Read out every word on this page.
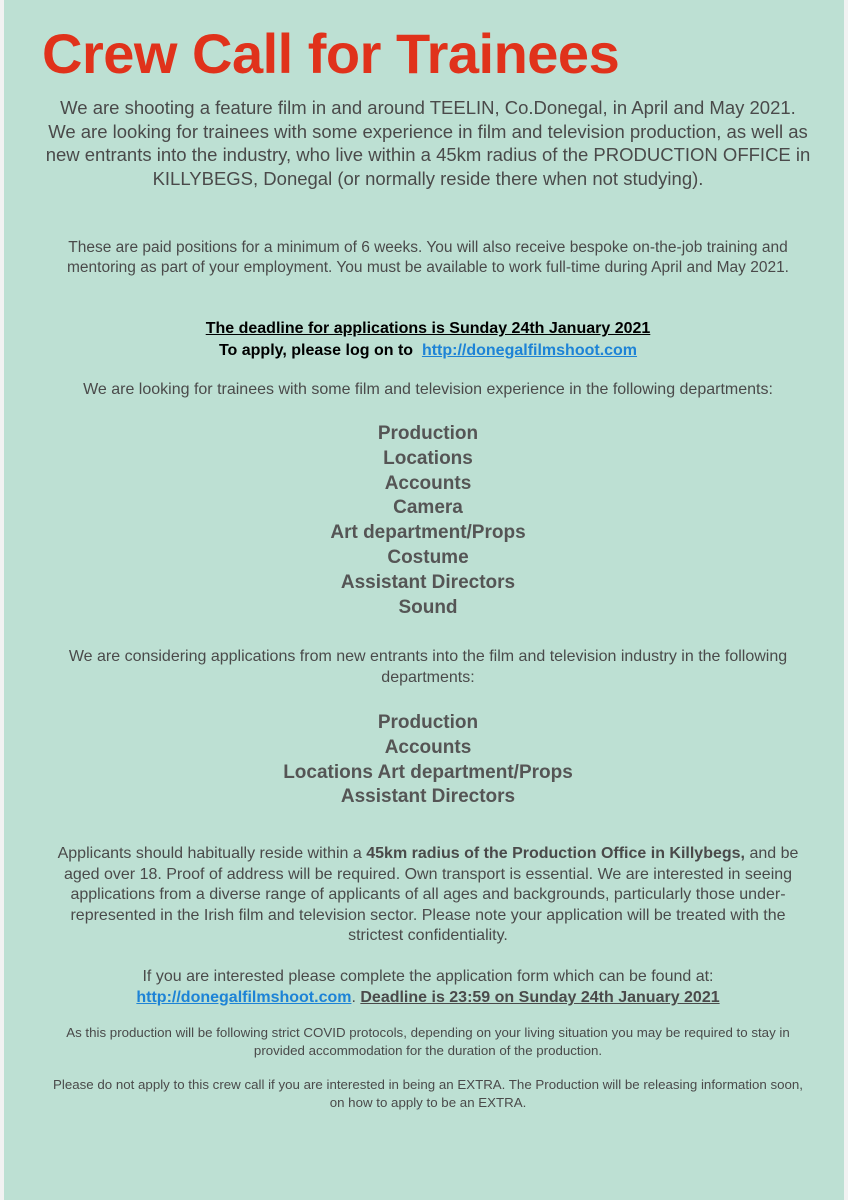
Crew Call for Trainees

We are shooting a feature film in and around TEELIN, Co.Donegal, in April and May 2021. We are looking for trainees with some experience in film and television production, as well as new entrants into the industry, who live within a 45km radius of the PRODUCTION OFFICE in KILLYBEGS, Donegal (or normally reside there when not studying).

These are paid positions for a minimum of 6 weeks. You will also receive bespoke on-the-job training and mentoring as part of your employment. You must be available to work full-time during April and May 2021.

The deadline for applications is Sunday 24th January 2021
To apply, please log on to http://donegalfilmshoot.com

We are looking for trainees with some film and television experience in the following departments:

Production
Locations
Accounts
Camera
Art department/Props
Costume
Assistant Directors
Sound

We are considering applications from new entrants into the film and television industry in the following departments:

Production
Accounts
Locations Art department/Props
Assistant Directors

Applicants should habitually reside within a 45km radius of the Production Office in Killybegs, and be aged over 18. Proof of address will be required. Own transport is essential. We are interested in seeing applications from a diverse range of applicants of all ages and backgrounds, particularly those under-represented in the Irish film and television sector. Please note your application will be treated with the strictest confidentiality.

If you are interested please complete the application form which can be found at:
http://donegalfilmshoot.com. Deadline is 23:59 on Sunday 24th January 2021

As this production will be following strict COVID protocols, depending on your living situation you may be required to stay in provided accommodation for the duration of the production.

Please do not apply to this crew call if you are interested in being an EXTRA. The Production will be releasing information soon, on how to apply to be an EXTRA.
